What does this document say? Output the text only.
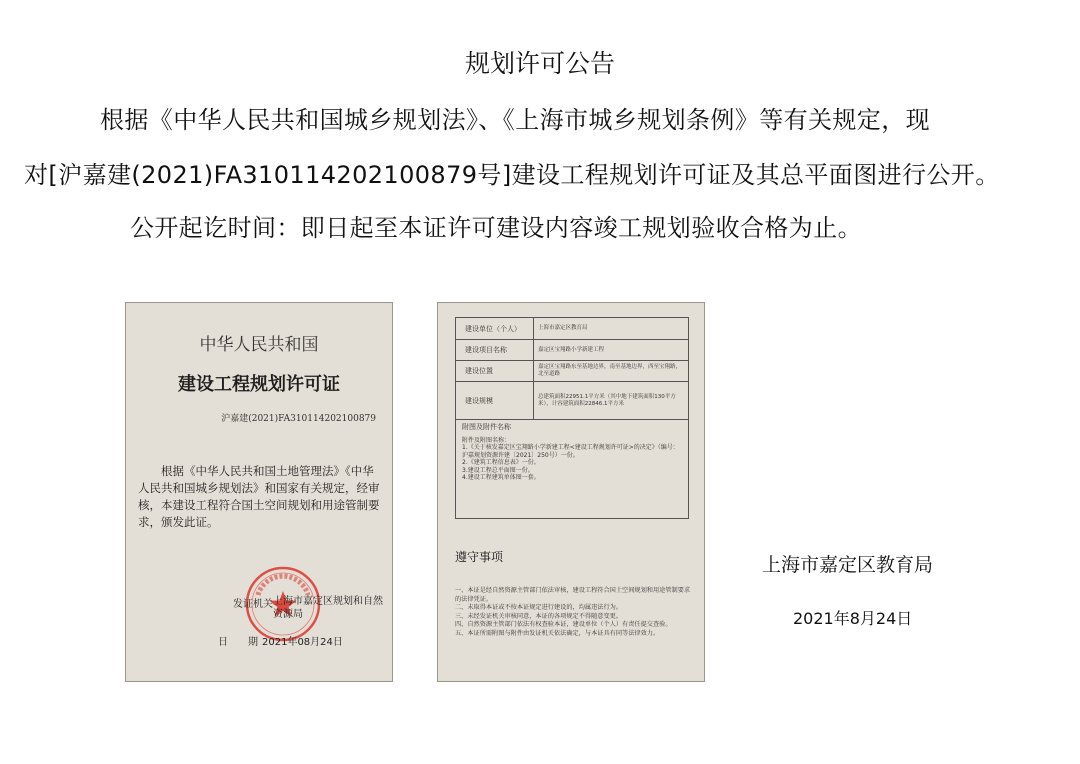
规划许可公告
根据《中华人民共和国城乡规划法》、《上海市城乡规划条例》等有关规定，现
对[沪嘉建(2021)FA310114202100879号]建设工程规划许可证及其总平面图进行公开。
公开起讫时间：即日起至本证许可建设内容竣工规划验收合格为止。
中华人民共和国
建设工程规划许可证
沪嘉建(2021)FA310114202100879
根据《中华人民共和国土地管理法》《中华人民共和国城乡规划法》和国家有关规定，经审核，本建设工程符合国土空间规划和用途管制要求，颁发此证。
发证机关 上海市嘉定区规划和自然资源局
日　　期 2021年08月24日
建设单位（个人）	上海市嘉定区教育局
建设项目名称	嘉定区宝翔路小学新建工程
建设位置	嘉定区宝翔路东至基地边界，南至基地边界，西至宝翔路，北至道路
建设规模	总建筑面积22951.1平方米（其中地下建筑面积130平方米），计容建筑面积22846.1平方米
附图及附件名称
附件及附图名称：
1.《关于核发嘉定区宝翔路小学新建工程<建设工程规划许可证>的决定》（编号：沪嘉规划资源许建〔2021〕250号）一份。
2.《建筑工程信息表》一份。
3.建设工程总平面图一份。
4.建设工程建筑单体图一套。
遵守事项
一、本证是经自然资源主管部门依法审核，建设工程符合国土空间规划和用途管制要求的法律凭证。
二、未取得本证或不按本证规定进行建设的，均属违法行为。
三、未经发证机关审核同意，本证的各项规定不得随意变更。
四、自然资源主管部门依法有权查验本证，建设单位（个人）有责任提交查验。
五、本证所需附图与附件由发证机关依法确定，与本证具有同等法律效力。
上海市嘉定区教育局
2021年8月24日
